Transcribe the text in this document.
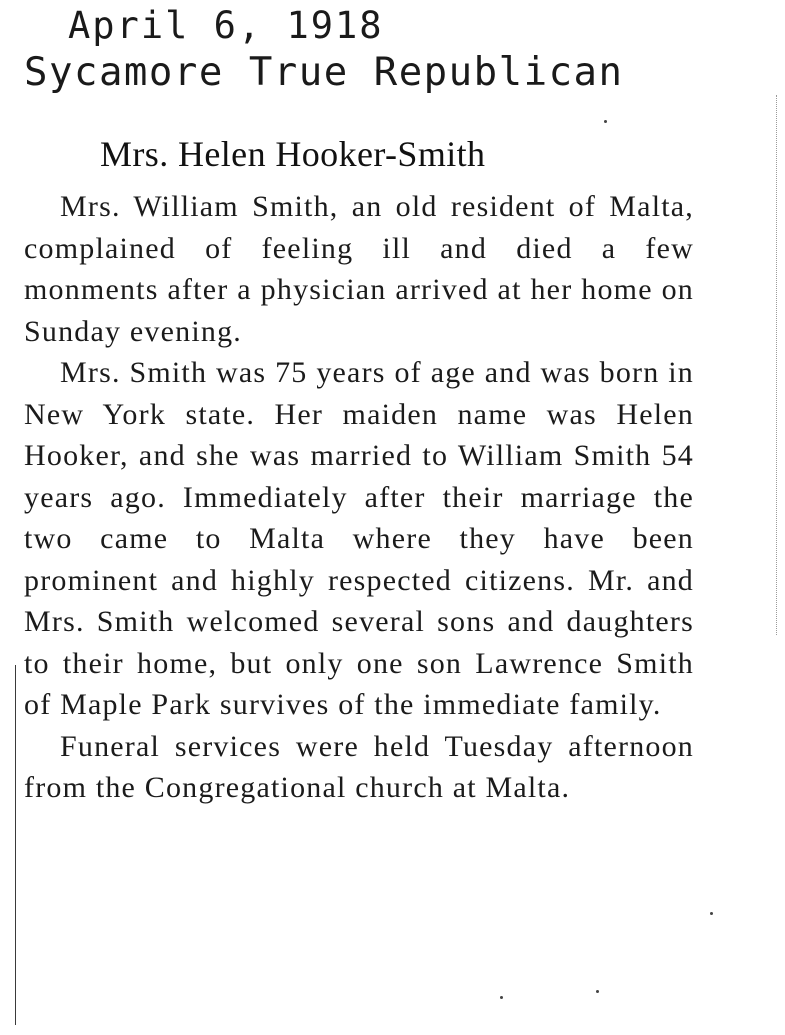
April 6, 1918

Sycamore True Republican

Mrs. Helen Hooker-Smith

Mrs. William Smith, an old resident of Malta, complained of feeling ill and died a few monments after a physician arrived at her home on Sunday evening.

Mrs. Smith was 75 years of age and was born in New York state. Her maiden name was Helen Hooker, and she was married to William Smith 54 years ago. Immediately after their marriage the two came to Malta where they have been prominent and highly respected citizens. Mr. and Mrs. Smith welcomed several sons and daughters to their home, but only one son Lawrence Smith of Maple Park survives of the immediate family.

Funeral services were held Tuesday afternoon from the Congregational church at Malta.
